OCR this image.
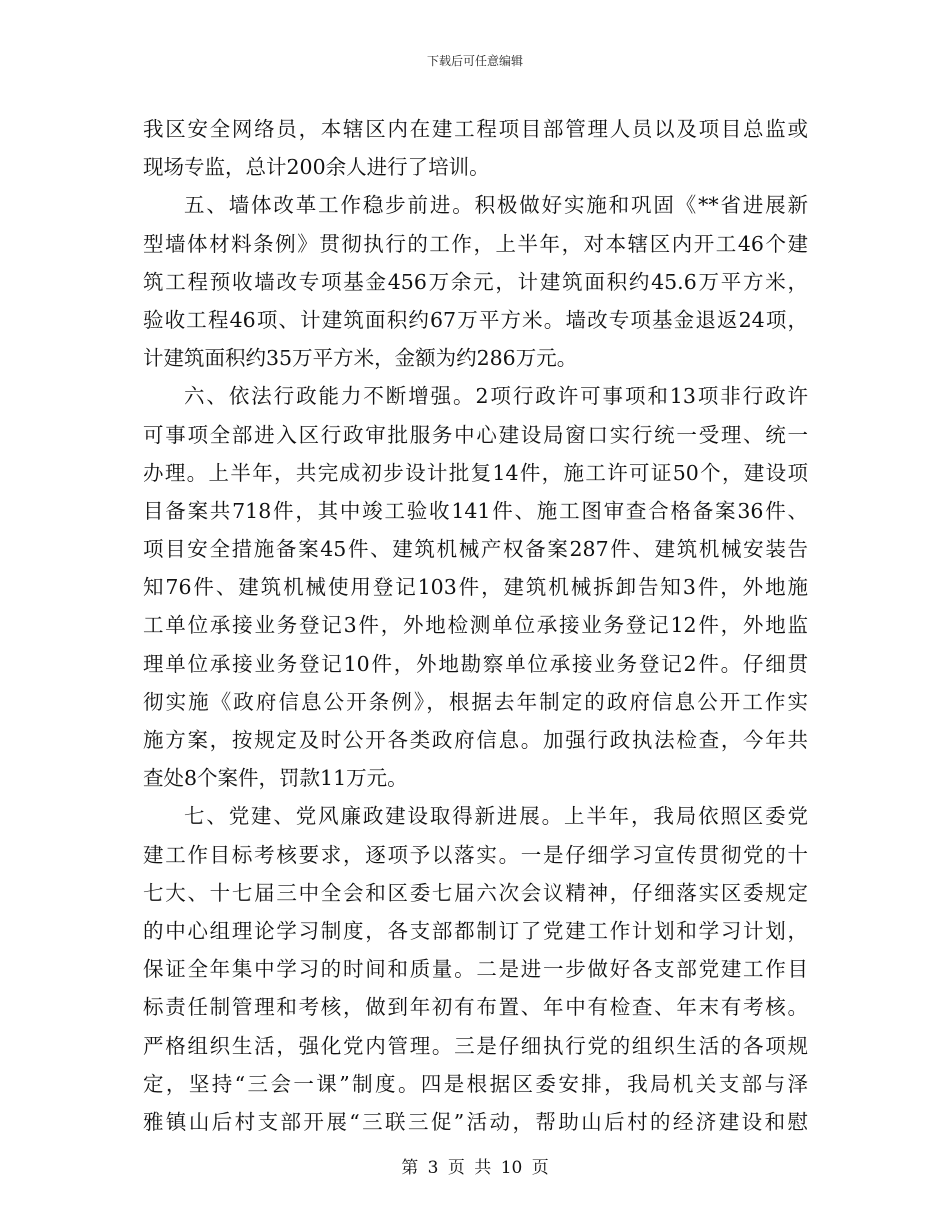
下载后可任意编辑
我区安全网络员，本辖区内在建工程项目部管理人员以及项目总监或
现场专监，总计200余人进行了培训。
五、墙体改革工作稳步前进。积极做好实施和巩固《**省进展新
型墙体材料条例》贯彻执行的工作，上半年，对本辖区内开工46个建
筑工程预收墙改专项基金456万余元，计建筑面积约45.6万平方米，
验收工程46项、计建筑面积约67万平方米。墙改专项基金退返24项，
计建筑面积约35万平方米，金额为约286万元。
六、依法行政能力不断增强。2项行政许可事项和13项非行政许
可事项全部进入区行政审批服务中心建设局窗口实行统一受理、统一
办理。上半年，共完成初步设计批复14件，施工许可证50个，建设项
目备案共718件，其中竣工验收141件、施工图审查合格备案36件、
项目安全措施备案45件、建筑机械产权备案287件、建筑机械安装告
知76件、建筑机械使用登记103件，建筑机械拆卸告知3件，外地施
工单位承接业务登记3件，外地检测单位承接业务登记12件，外地监
理单位承接业务登记10件，外地勘察单位承接业务登记2件。仔细贯
彻实施《政府信息公开条例》，根据去年制定的政府信息公开工作实
施方案，按规定及时公开各类政府信息。加强行政执法检查，今年共
查处8个案件，罚款11万元。
七、党建、党风廉政建设取得新进展。上半年，我局依照区委党
建工作目标考核要求，逐项予以落实。一是仔细学习宣传贯彻党的十
七大、十七届三中全会和区委七届六次会议精神，仔细落实区委规定
的中心组理论学习制度，各支部都制订了党建工作计划和学习计划，
保证全年集中学习的时间和质量。二是进一步做好各支部党建工作目
标责任制管理和考核，做到年初有布置、年中有检查、年末有考核。
严格组织生活，强化党内管理。三是仔细执行党的组织生活的各项规
定，坚持“三会一课”制度。四是根据区委安排，我局机关支部与泽
雅镇山后村支部开展“三联三促”活动，帮助山后村的经济建设和慰
第 3 页 共 10 页
